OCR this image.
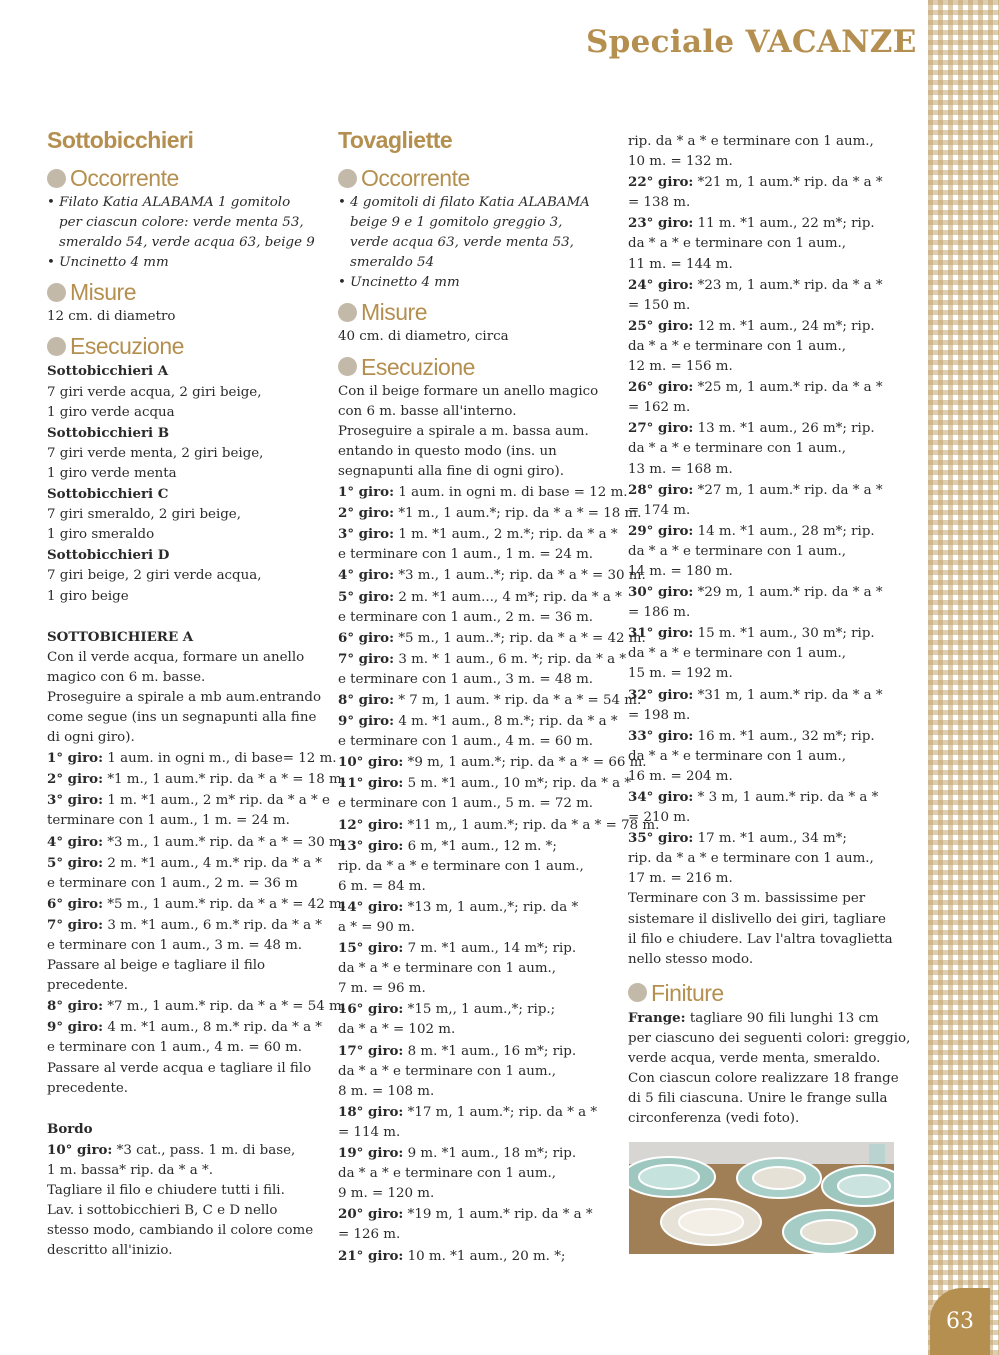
63
Speciale VACANZE
Sottobicchieri
Occorrente

• Filato Katia ALABAMA 1 gomitolo

per ciascun colore: verde menta 53,

smeraldo 54, verde acqua 63, beige 9

• Uncinetto 4 mm

Misure

12 cm. di diametro

Esecuzione

Sottobicchieri A

7 giri verde acqua, 2 giri beige,

1 giro verde acqua

Sottobicchieri B

7 giri verde menta, 2 giri beige,

1 giro verde menta

Sottobicchieri C

7 giri smeraldo, 2 giri beige,

1 giro smeraldo

Sottobicchieri D

7 giri beige, 2 giri verde acqua,

1 giro beige

SOTTOBICHIERE A

Con il verde acqua, formare un anello

magico con 6 m. basse.

Proseguire a spirale a mb aum.entrando

come segue (ins un segnapunti alla fine

di ogni giro).

1° giro: 1 aum. in ogni m., di base= 12 m.

2° giro: *1 m., 1 aum.* rip. da * a * = 18 m.

3° giro: 1 m. *1 aum., 2 m* rip. da * a * e

terminare con 1 aum., 1 m. = 24 m.

4° giro: *3 m., 1 aum.* rip. da * a * = 30 m.

5° giro: 2 m. *1 aum., 4 m.* rip. da * a *

e terminare con 1 aum., 2 m. = 36 m

6° giro: *5 m., 1 aum.* rip. da * a * = 42 m.

7° giro: 3 m. *1 aum., 6 m.* rip. da * a *

e terminare con 1 aum., 3 m. = 48 m.

Passare al beige e tagliare il filo

precedente.

8° giro: *7 m., 1 aum.* rip. da * a * = 54 m.

9° giro: 4 m. *1 aum., 8 m.* rip. da * a *

e terminare con 1 aum., 4 m. = 60 m.

Passare al verde acqua e tagliare il filo

precedente.

Bordo

10° giro: *3 cat., pass. 1 m. di base,

1 m. bassa* rip. da * a *.

Tagliare il filo e chiudere tutti i fili.

Lav. i sottobicchieri B, C e D nello

stesso modo, cambiando il colore come

descritto all'inizio.

Tovagliette
Occorrente

• 4 gomitoli di filato Katia ALABAMA

beige 9 e 1 gomitolo greggio 3,

verde acqua 63, verde menta 53,

smeraldo 54

• Uncinetto 4 mm

Misure

40 cm. di diametro, circa

Esecuzione

Con il beige formare un anello magico

con 6 m. basse all'interno.

Proseguire a spirale a m. bassa aum.

entando in questo modo (ins. un

segnapunti alla fine di ogni giro).

1° giro: 1 aum. in ogni m. di base = 12 m.

2° giro: *1 m., 1 aum.*; rip. da * a * = 18 m.

3° giro: 1 m. *1 aum., 2 m.*; rip. da * a *

e terminare con 1 aum., 1 m. = 24 m.

4° giro: *3 m., 1 aum..*; rip. da * a * = 30 m.

5° giro: 2 m. *1 aum..., 4 m*; rip. da * a *

e terminare con 1 aum., 2 m. = 36 m.

6° giro: *5 m., 1 aum..*; rip. da * a * = 42 m.

7° giro: 3 m. * 1 aum., 6 m. *; rip. da * a *

e terminare con 1 aum., 3 m. = 48 m.

8° giro: * 7 m, 1 aum. * rip. da * a * = 54 m.

9° giro: 4 m. *1 aum., 8 m.*; rip. da * a *

e terminare con 1 aum., 4 m. = 60 m.

10° giro: *9 m, 1 aum.*; rip. da * a * = 66 m.

11° giro: 5 m. *1 aum., 10 m*; rip. da * a *

e terminare con 1 aum., 5 m. = 72 m.

12° giro: *11 m,, 1 aum.*; rip. da * a * = 78 m.

13° giro: 6 m, *1 aum., 12 m. *;

rip. da * a * e terminare con 1 aum.,

6 m. = 84 m.

14° giro: *13 m, 1 aum.,*; rip. da *

a * = 90 m.

15° giro: 7 m. *1 aum., 14 m*; rip.

da * a * e terminare con 1 aum.,

7 m. = 96 m.

16° giro: *15 m,, 1 aum.,*; rip.;

da * a * = 102 m.

17° giro: 8 m. *1 aum., 16 m*; rip.

da * a * e terminare con 1 aum.,

8 m. = 108 m.

18° giro: *17 m, 1 aum.*; rip. da * a *

= 114 m.

19° giro: 9 m. *1 aum., 18 m*; rip.

da * a * e terminare con 1 aum.,

9 m. = 120 m.

20° giro: *19 m, 1 aum.* rip. da * a *

= 126 m.

21° giro: 10 m. *1 aum., 20 m. *;

rip. da * a * e terminare con 1 aum.,

10 m. = 132 m.

22° giro: *21 m, 1 aum.* rip. da * a *

= 138 m.

23° giro: 11 m. *1 aum., 22 m*; rip.

da * a * e terminare con 1 aum.,

11 m. = 144 m.

24° giro: *23 m, 1 aum.* rip. da * a *

= 150 m.

25° giro: 12 m. *1 aum., 24 m*; rip.

da * a * e terminare con 1 aum.,

12 m. = 156 m.

26° giro: *25 m, 1 aum.* rip. da * a *

= 162 m.

27° giro: 13 m. *1 aum., 26 m*; rip.

da * a * e terminare con 1 aum.,

13 m. = 168 m.

28° giro: *27 m, 1 aum.* rip. da * a *

= 174 m.

29° giro: 14 m. *1 aum., 28 m*; rip.

da * a * e terminare con 1 aum.,

14 m. = 180 m.

30° giro: *29 m, 1 aum.* rip. da * a *

= 186 m.

31° giro: 15 m. *1 aum., 30 m*; rip.

da * a * e terminare con 1 aum.,

15 m. = 192 m.

32° giro: *31 m, 1 aum.* rip. da * a *

= 198 m.

33° giro: 16 m. *1 aum., 32 m*; rip.

da * a * e terminare con 1 aum.,

16 m. = 204 m.

34° giro: * 3 m, 1 aum.* rip. da * a *

= 210 m.

35° giro: 17 m. *1 aum., 34 m*;

rip. da * a * e terminare con 1 aum.,

17 m. = 216 m.

Terminare con 3 m. bassissime per

sistemare il dislivello dei giri, tagliare

il filo e chiudere. Lav l'altra tovaglietta

nello stesso modo.

Finiture

Frange: tagliare 90 fili lunghi 13 cm

per ciascuno dei seguenti colori: greggio,

verde acqua, verde menta, smeraldo.

Con ciascun colore realizzare 18 frange

di 5 fili ciascuna. Unire le frange sulla

circonferenza (vedi foto).
